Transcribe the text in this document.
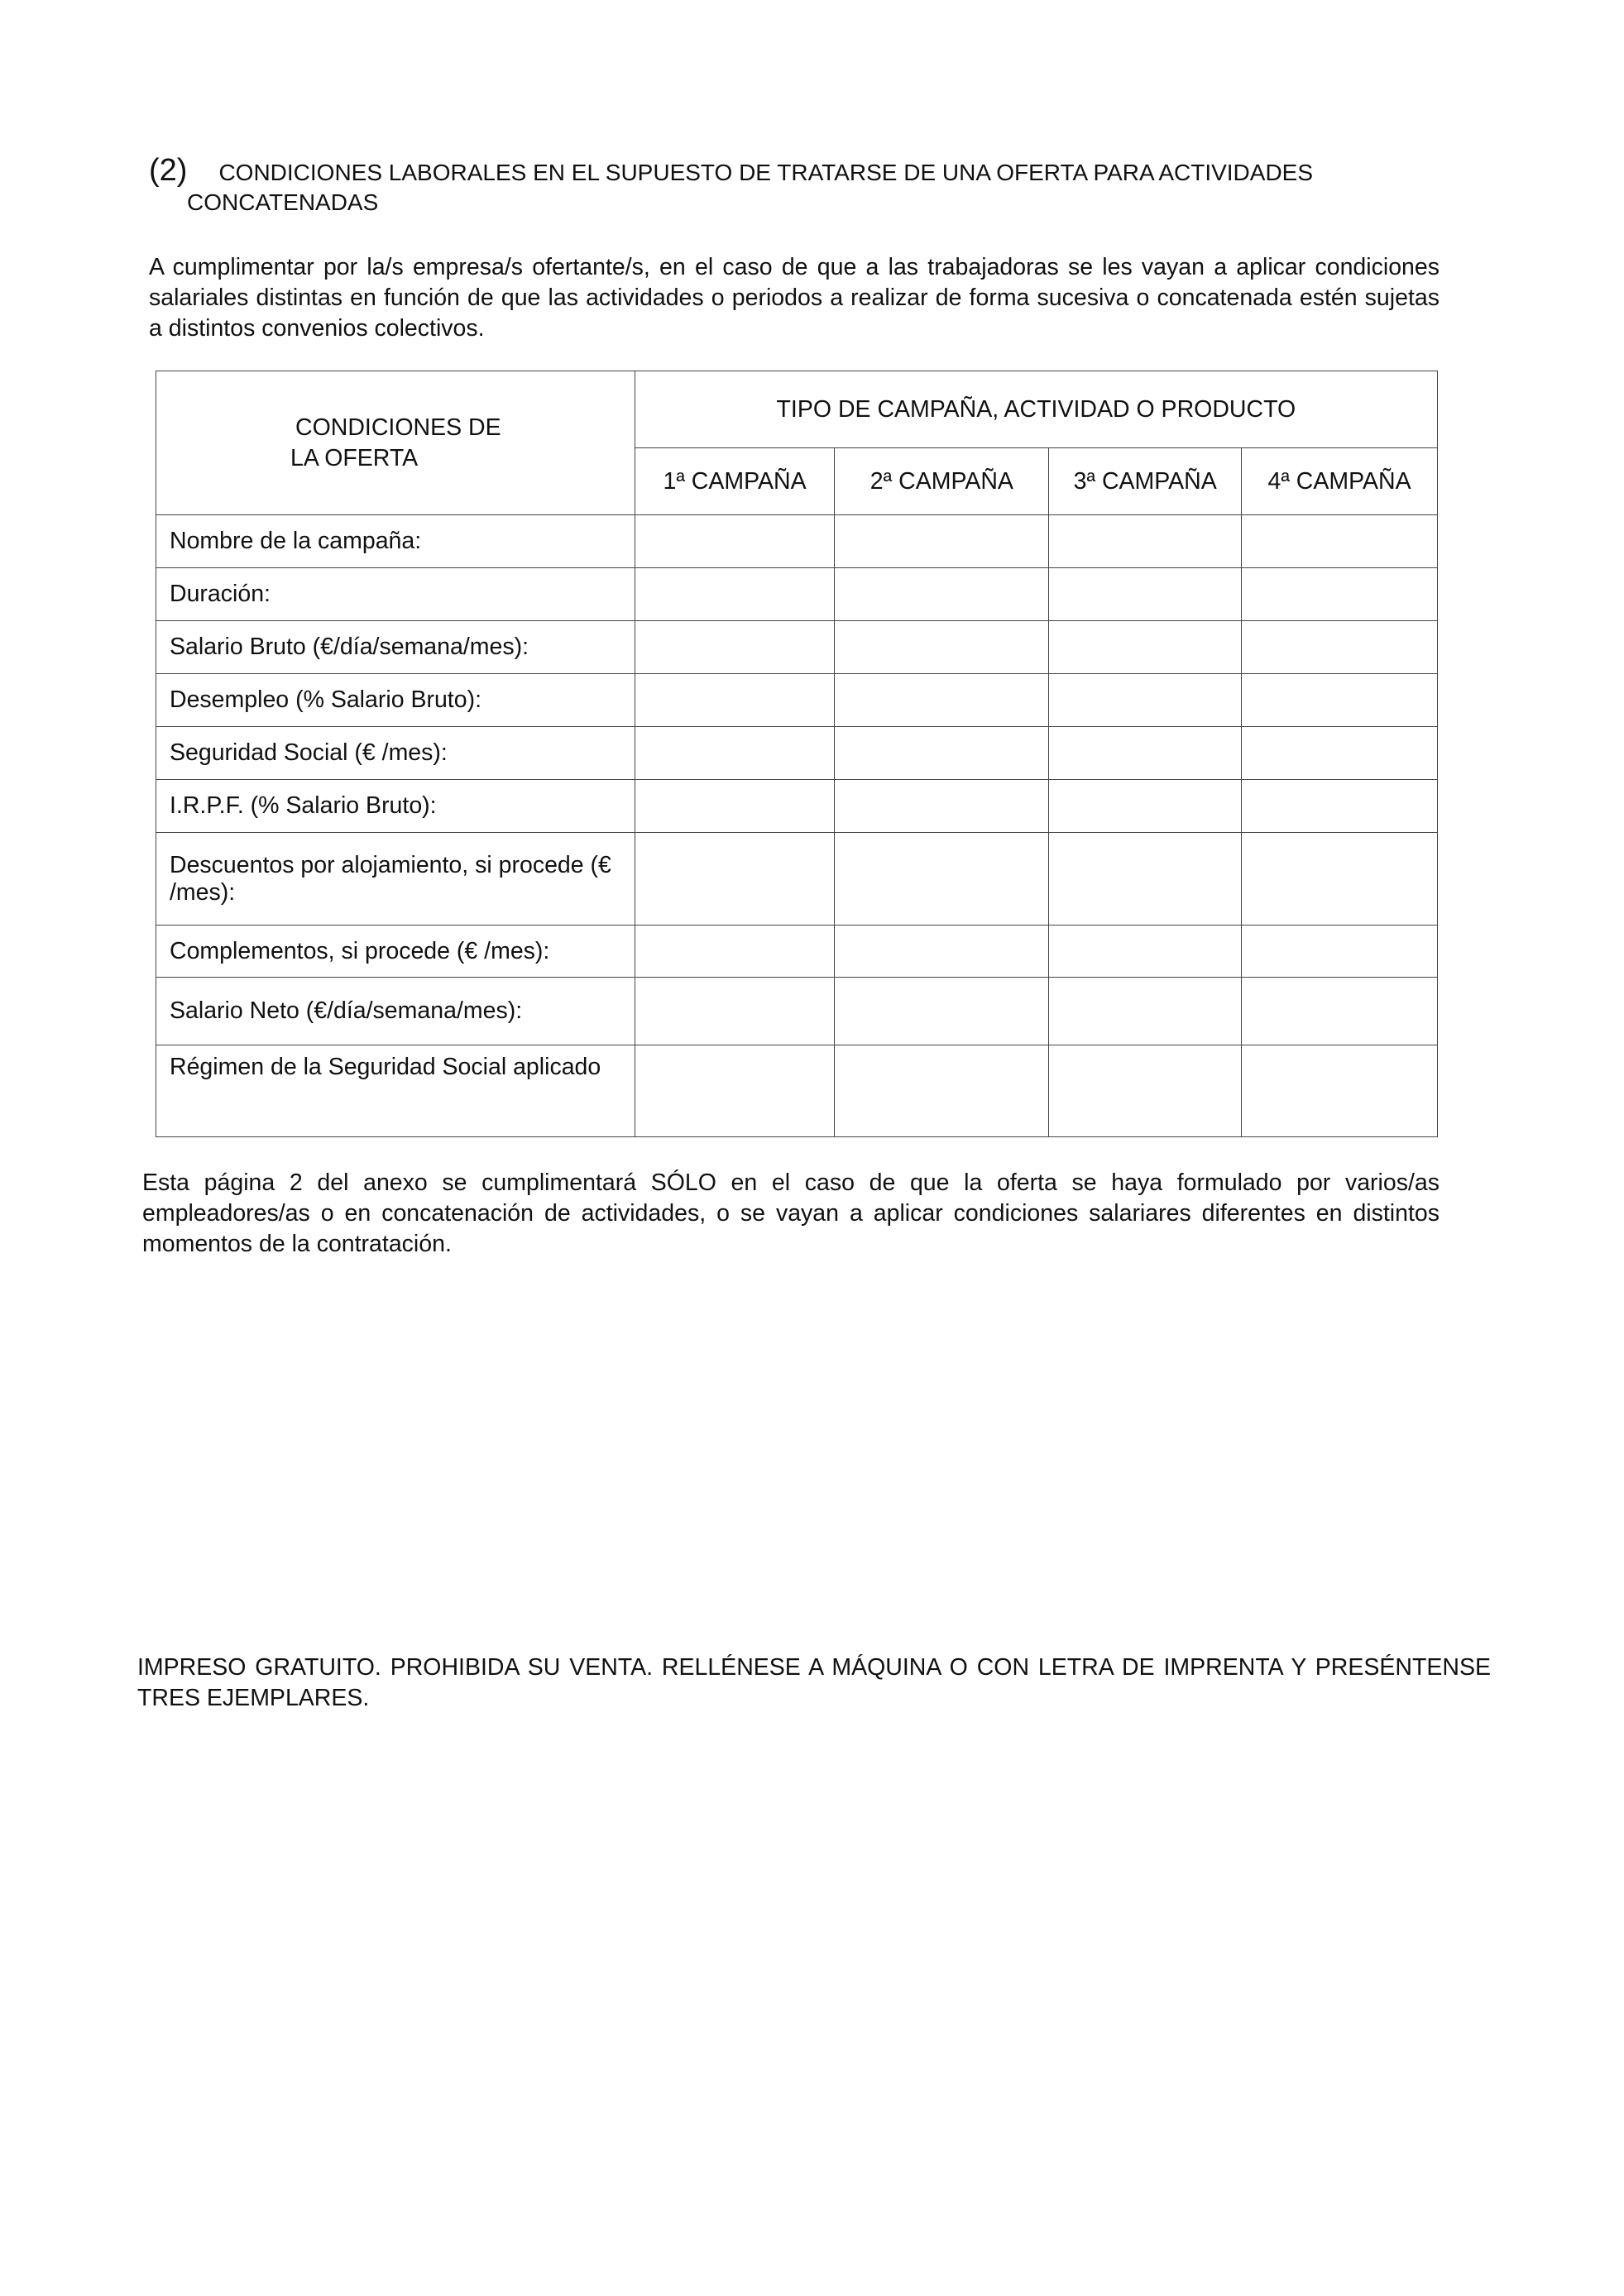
(2) CONDICIONES LABORALES EN EL SUPUESTO DE TRATARSE DE UNA OFERTA PARA ACTIVIDADES
CONCATENADAS
A cumplimentar por la/s empresa/s ofertante/s, en el caso de que a las trabajadoras se les vayan a aplicar condiciones salariales distintas en función de que las actividades o periodos a realizar de forma sucesiva o concatenada estén sujetas a distintos convenios colectivos.
CONDICIONES DE
LA OFERTA	TIPO DE CAMPAÑA, ACTIVIDAD O PRODUCTO			
	1ª CAMPAÑA	2ª CAMPAÑA	3ª CAMPAÑA	4ª CAMPAÑA
Nombre de la campaña:				
Duración:				
Salario Bruto (€/día/semana/mes):				
Desempleo (% Salario Bruto):				
Seguridad Social (€ /mes):				
I.R.P.F. (% Salario Bruto):				
Descuentos por alojamiento, si procede (€ /mes):				
Complementos, si procede (€ /mes):				
Salario Neto (€/día/semana/mes):				
Régimen de la Seguridad Social aplicado				
Esta página 2 del anexo se cumplimentará SÓLO en el caso de que la oferta se haya formulado por varios/as empleadores/as o en concatenación de actividades, o se vayan a aplicar condiciones salariares diferentes en distintos momentos de la contratación.
IMPRESO GRATUITO. PROHIBIDA SU VENTA. RELLÉNESE A MÁQUINA O CON LETRA DE IMPRENTA Y PRESÉNTENSE TRES EJEMPLARES.
